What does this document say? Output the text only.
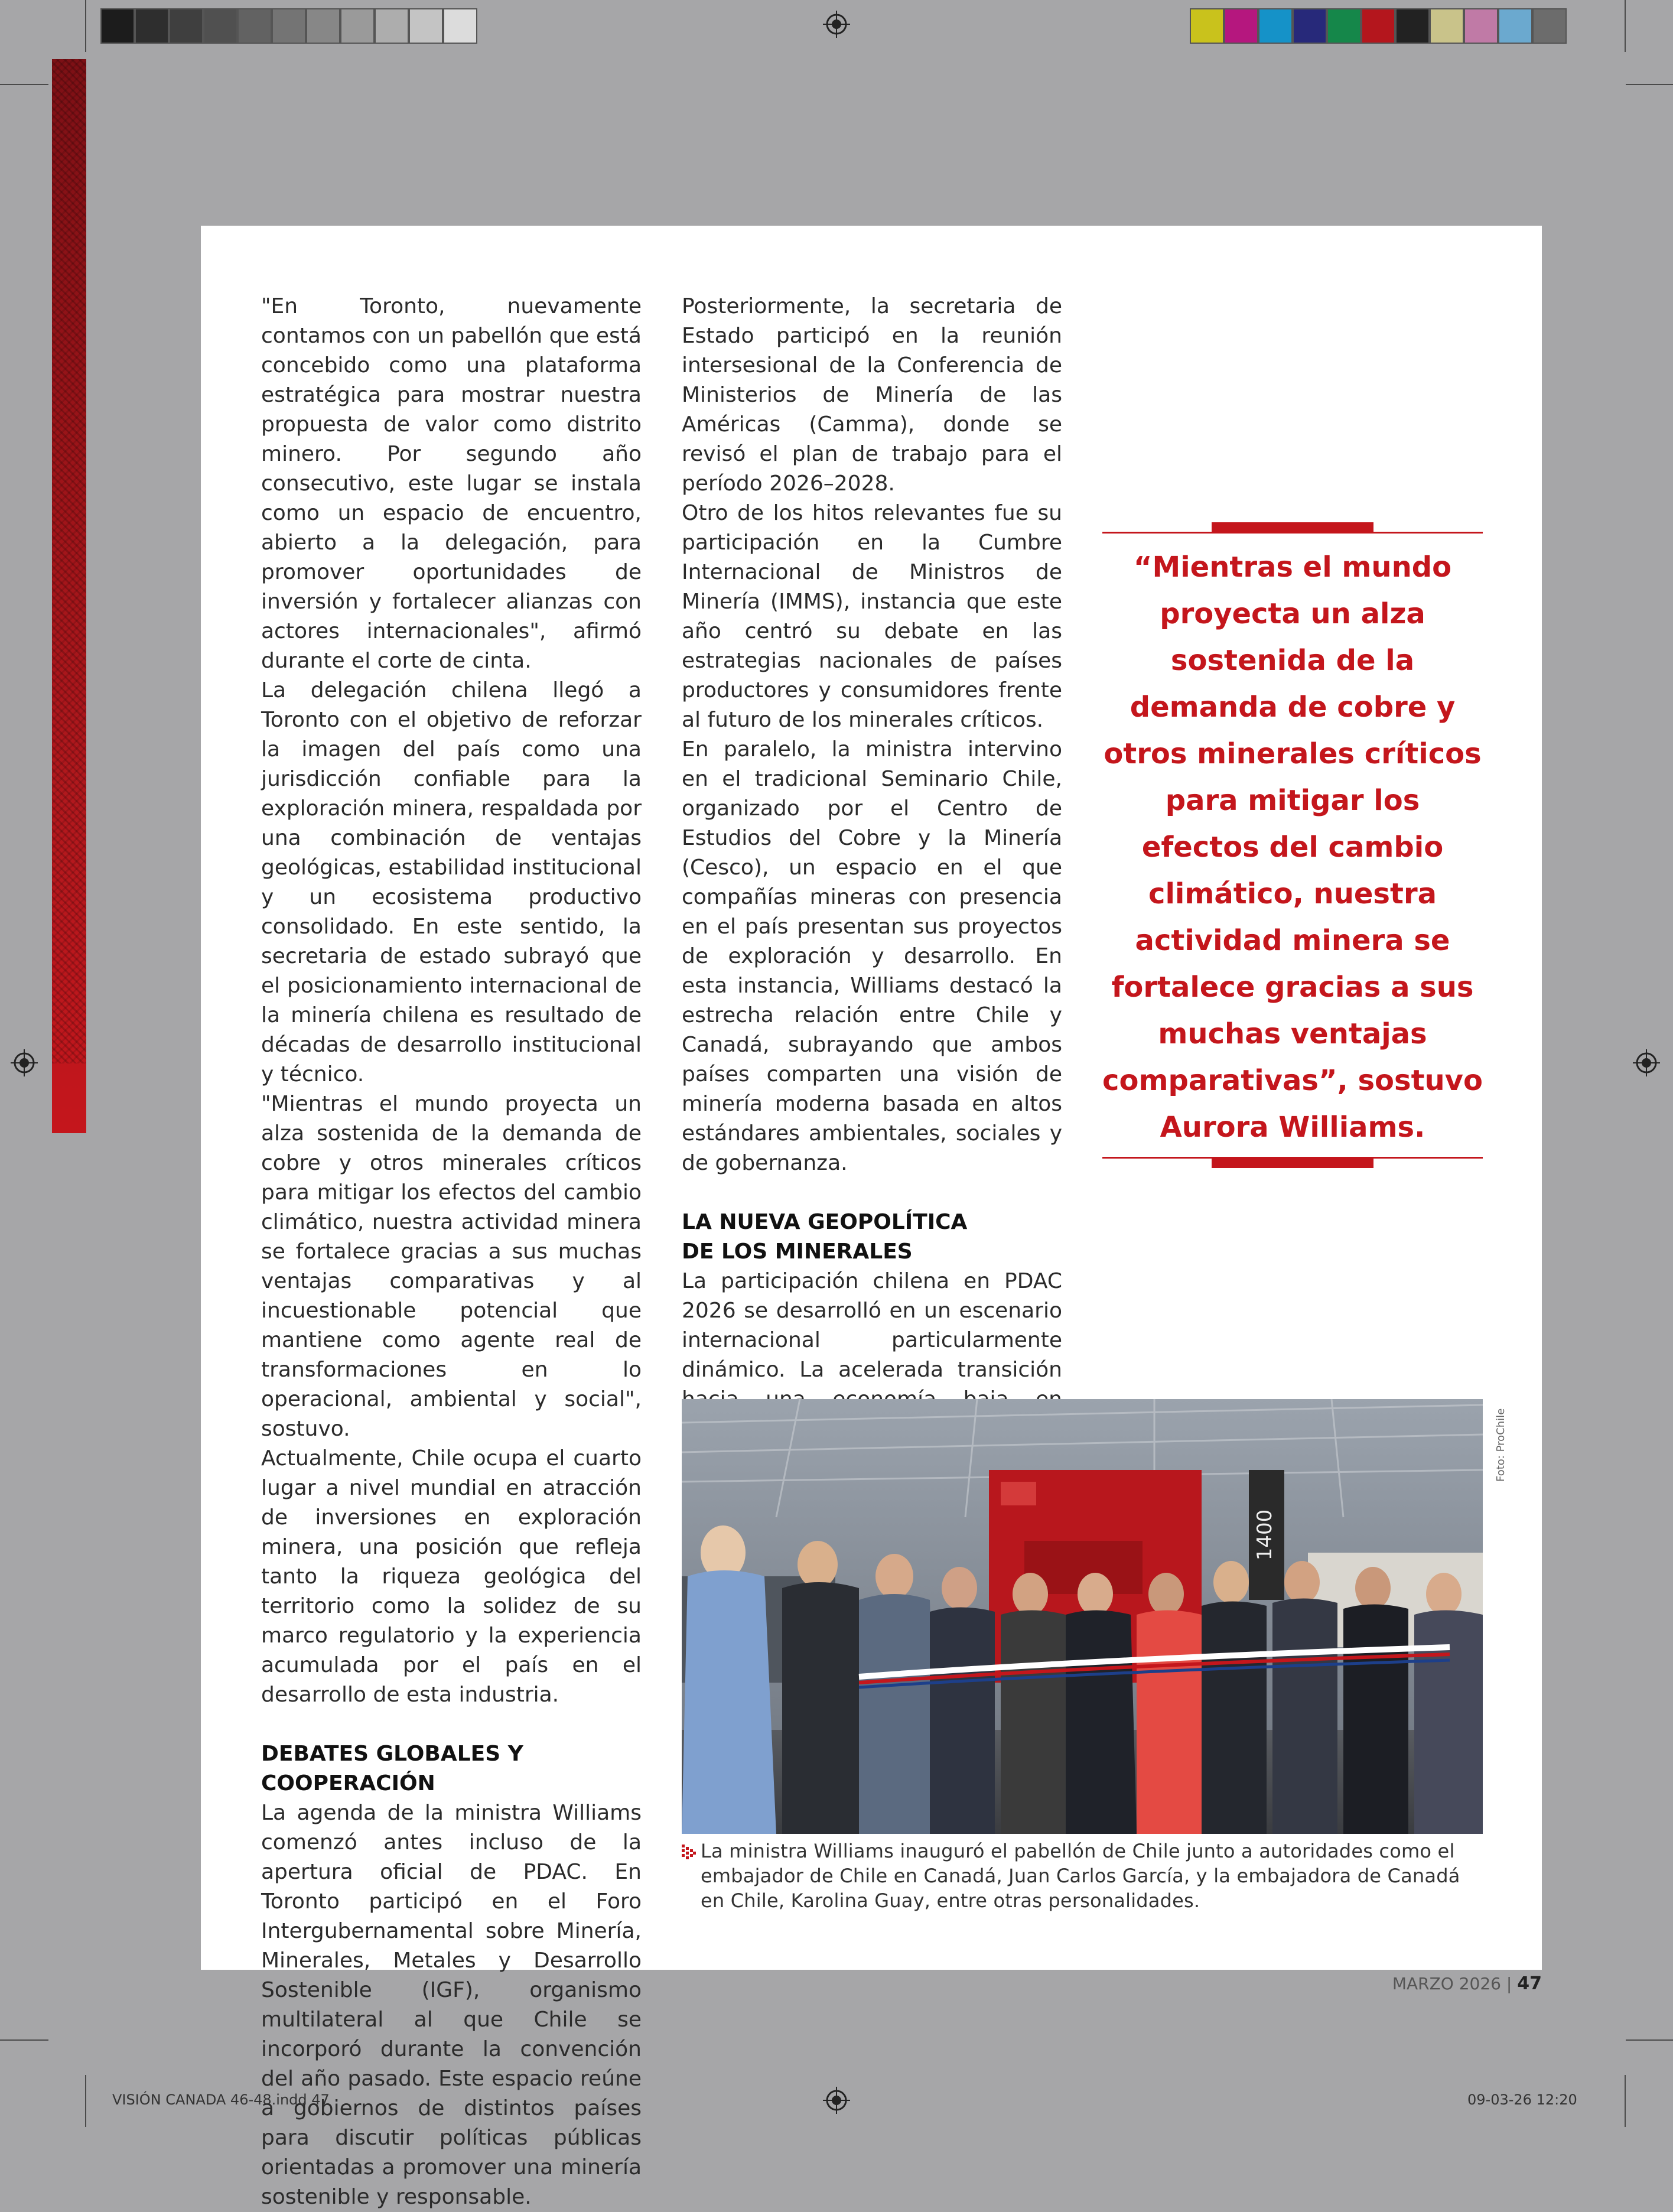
"En Toronto, nuevamente contamos con un pabellón que está concebido como una plataforma estratégica para mostrar nuestra propuesta de valor como distrito minero. Por segundo año consecutivo, este lugar se instala como un espacio de encuentro, abierto a la delegación, para promover oportunidades de inversión y fortalecer alianzas con actores internacionales", afirmó durante el corte de cinta.

La delegación chilena llegó a Toronto con el objetivo de reforzar la imagen del país como una jurisdicción confiable para la exploración minera, respaldada por una combinación de ventajas geológicas, estabilidad institucional y un ecosistema productivo consolidado. En este sentido, la secretaria de estado subrayó que el posicionamiento internacional de la minería chilena es resultado de décadas de desarrollo institucional y técnico.

"Mientras el mundo proyecta un alza sostenida de la demanda de cobre y otros minerales críticos para mitigar los efectos del cambio climático, nuestra actividad minera se fortalece gracias a sus muchas ventajas comparativas y al incuestionable potencial que mantiene como agente real de transformaciones en lo operacional, ambiental y social", sostuvo.

Actualmente, Chile ocupa el cuarto lugar a nivel mundial en atracción de inversiones en exploración minera, una posición que refleja tanto la riqueza geológica del territorio como la solidez de su marco regulatorio y la experiencia acumulada por el país en el desarrollo de esta industria.

DEBATES GLOBALES Y COOPERACIÓN

La agenda de la ministra Williams comenzó antes incluso de la apertura oficial de PDAC. En Toronto participó en el Foro Intergubernamental sobre Minería, Minerales, Metales y Desarrollo Sostenible (IGF), organismo multilateral al que Chile se incorporó durante la convención del año pasado. Este espacio reúne a gobiernos de distintos países para discutir políticas públicas orientadas a promover una minería sostenible y responsable.

Posteriormente, la secretaria de Estado participó en la reunión intersesional de la Conferencia de Ministerios de Minería de las Américas (Camma), donde se revisó el plan de trabajo para el período 2026–2028.

Otro de los hitos relevantes fue su participación en la Cumbre Internacional de Ministros de Minería (IMMS), instancia que este año centró su debate en las estrategias nacionales de países productores y consumidores frente al futuro de los minerales críticos.

En paralelo, la ministra intervino en el tradicional Seminario Chile, organizado por el Centro de Estudios del Cobre y la Minería (Cesco), un espacio en el que compañías mineras con presencia en el país presentan sus proyectos de exploración y desarrollo. En esta instancia, Williams destacó la estrecha relación entre Chile y Canadá, subrayando que ambos países comparten una visión de minería moderna basada en altos estándares ambientales, sociales y de gobernanza.

LA NUEVA GEOPOLÍTICA
DE LOS MINERALES

La participación chilena en PDAC 2026 se desarrolló en un escenario internacional particularmente dinámico. La acelerada transición

“Mientras el mundo proyecta un alza sostenida de la demanda de cobre y otros minerales críticos para mitigar los efectos del cambio climático, nuestra actividad minera se fortalece gracias a sus muchas ventajas comparativas”, sostuvo Aurora Williams.
1400
Foto: ProChile
La ministra Williams inauguró el pabellón de Chile junto a autoridades como el embajador de Chile en Canadá, Juan Carlos García, y la embajadora de Canadá en Chile, Karolina Guay, entre otras personalidades.
MARZO 2026 | 47
VISIÓN CANADA 46-48.indd 47	09-03-26 12:20
